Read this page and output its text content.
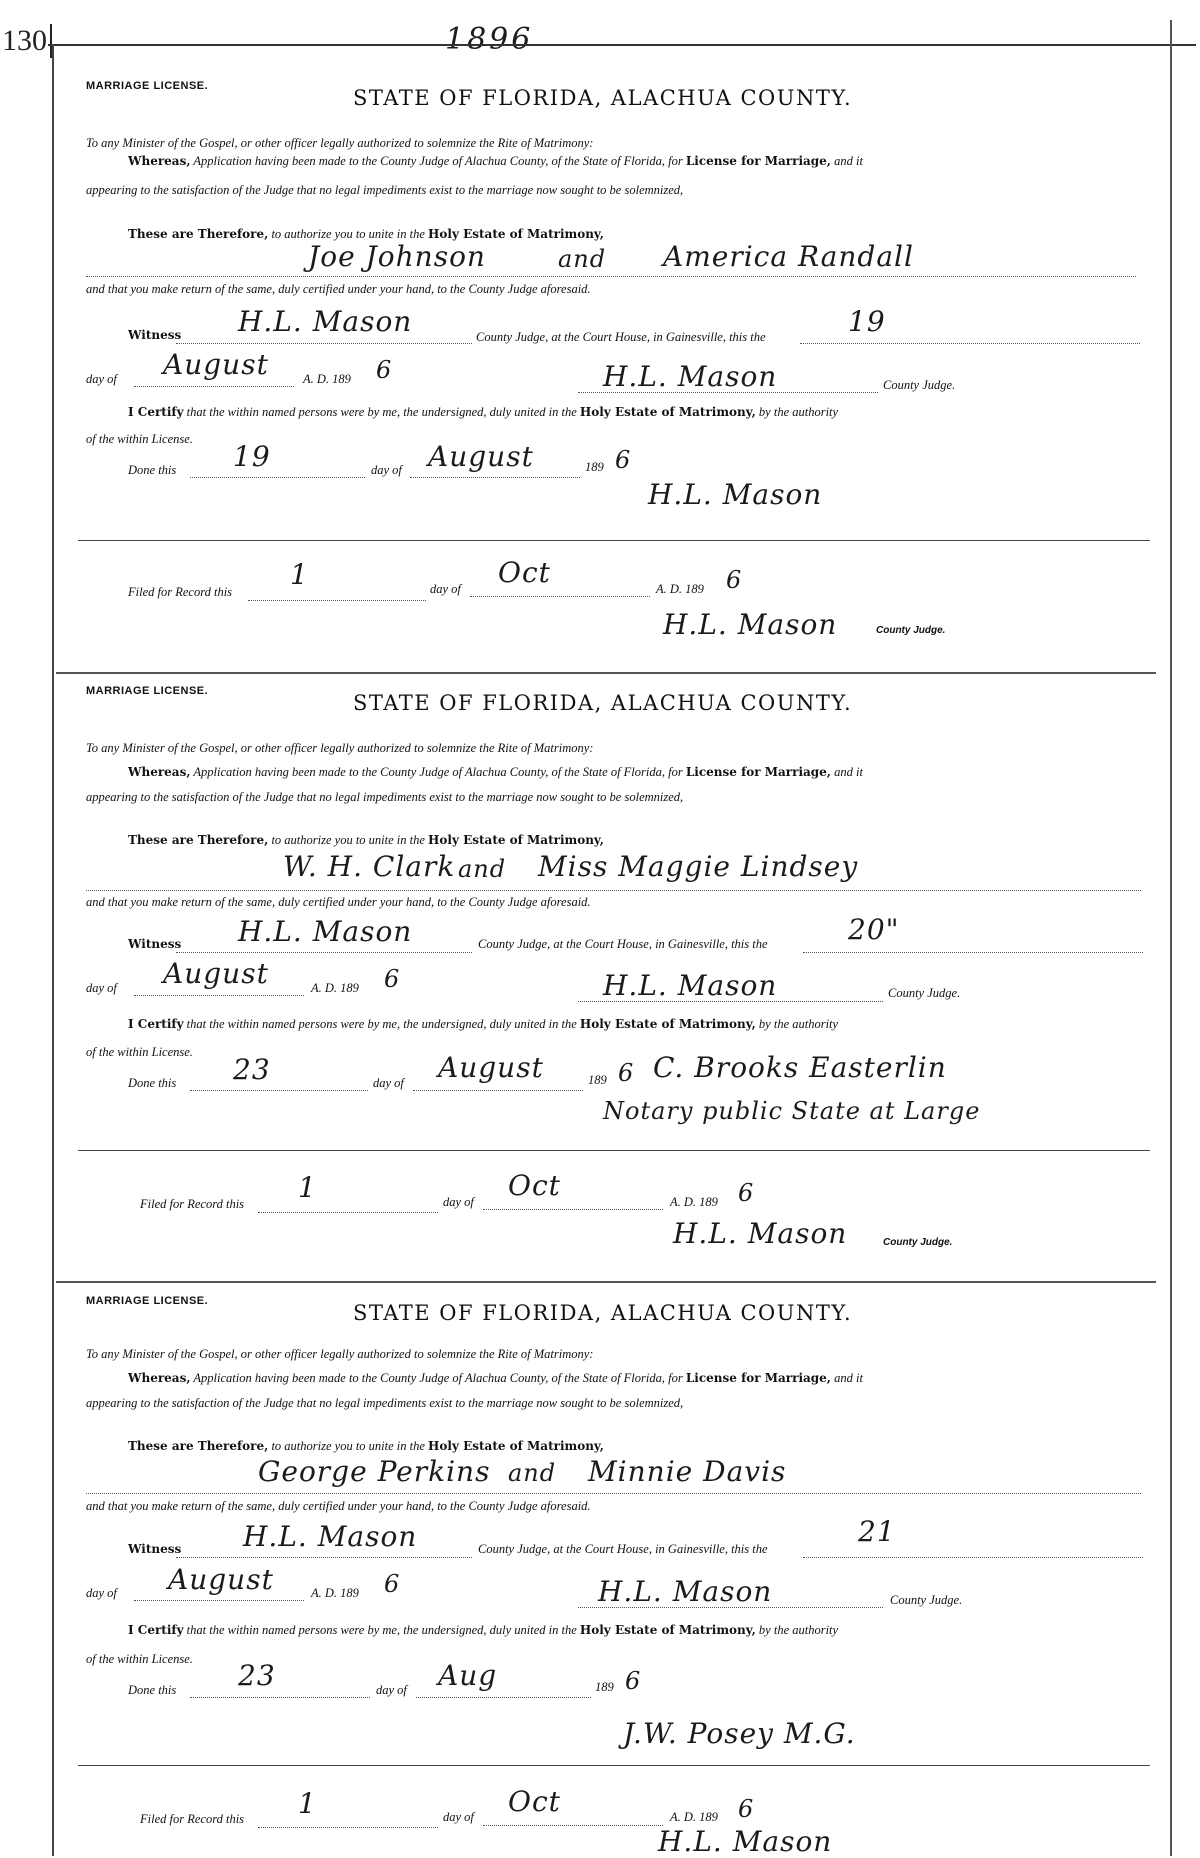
130	1896
MARRIAGE LICENSE.	STATE OF FLORIDA, ALACHUA COUNTY.
To any Minister of the Gospel, or other officer legally authorized to solemnize the Rite of Matrimony:
Whereas, Application having been made to the County Judge of Alachua County, of the State of Florida, for License for Marriage, and it
appearing to the satisfaction of the Judge that no legal impediments exist to the marriage now sought to be solemnized,
These are Therefore, to authorize you to unite in the Holy Estate of Matrimony,
Joe Johnson	and America Randall
and that you make return of the same, duly certified under your hand, to the County Judge aforesaid.
Witness H.L. Mason	County Judge, at the Court House, in Gainesville, this the	19
day of August	A. D. 189 6	H.L. Mason	County Judge.
I Certify that the within named persons were by me, the undersigned, duly united in the Holy Estate of Matrimony, by the authority
of the within License.
Done this 19	day of August	189 6
H.L. Mason
Filed for Record this
1	day of Oct	A. D. 189 6
H.L. Mason	County Judge.
MARRIAGE LICENSE.	STATE OF FLORIDA, ALACHUA COUNTY.
To any Minister of the Gospel, or other officer legally authorized to solemnize the Rite of Matrimony:
Whereas, Application having been made to the County Judge of Alachua County, of the State of Florida, for License for Marriage, and it
appearing to the satisfaction of the Judge that no legal impediments exist to the marriage now sought to be solemnized,
These are Therefore, to authorize you to unite in the Holy Estate of Matrimony,
W. H. Clark and Miss Maggie Lindsey
and that you make return of the same, duly certified under your hand, to the County Judge aforesaid.
Witness H.L. Mason	County Judge, at the Court House, in Gainesville, this the	20"
day of August	A. D. 189 6	H.L. Mason	County Judge.
I Certify that the within named persons were by me, the undersigned, duly united in the Holy Estate of Matrimony, by the authority
of the within License.
Done this 23	day of August	189 6 C. Brooks Easterlin
Notary public State at Large
Filed for Record this 1	day of Oct	A. D. 189 6
H.L. Mason	County Judge.
MARRIAGE LICENSE.	STATE OF FLORIDA, ALACHUA COUNTY.
To any Minister of the Gospel, or other officer legally authorized to solemnize the Rite of Matrimony:
Whereas, Application having been made to the County Judge of Alachua County, of the State of Florida, for License for Marriage, and it
appearing to the satisfaction of the Judge that no legal impediments exist to the marriage now sought to be solemnized,
These are Therefore, to authorize you to unite in the Holy Estate of Matrimony,
George Perkins and Minnie Davis
and that you make return of the same, duly certified under your hand, to the County Judge aforesaid.
Witness H.L. Mason	County Judge, at the Court House, in Gainesville, this the
21
day of August	A. D. 189 6	H.L. Mason	County Judge.
I Certify that the within named persons were by me, the undersigned, duly united in the Holy Estate of Matrimony, by the authority
of the within License.
Done this 23	day of Aug	189 6
J.W. Posey M.G.
Filed for Record this 1	day of Oct	A. D. 189 6
H.L. Mason
